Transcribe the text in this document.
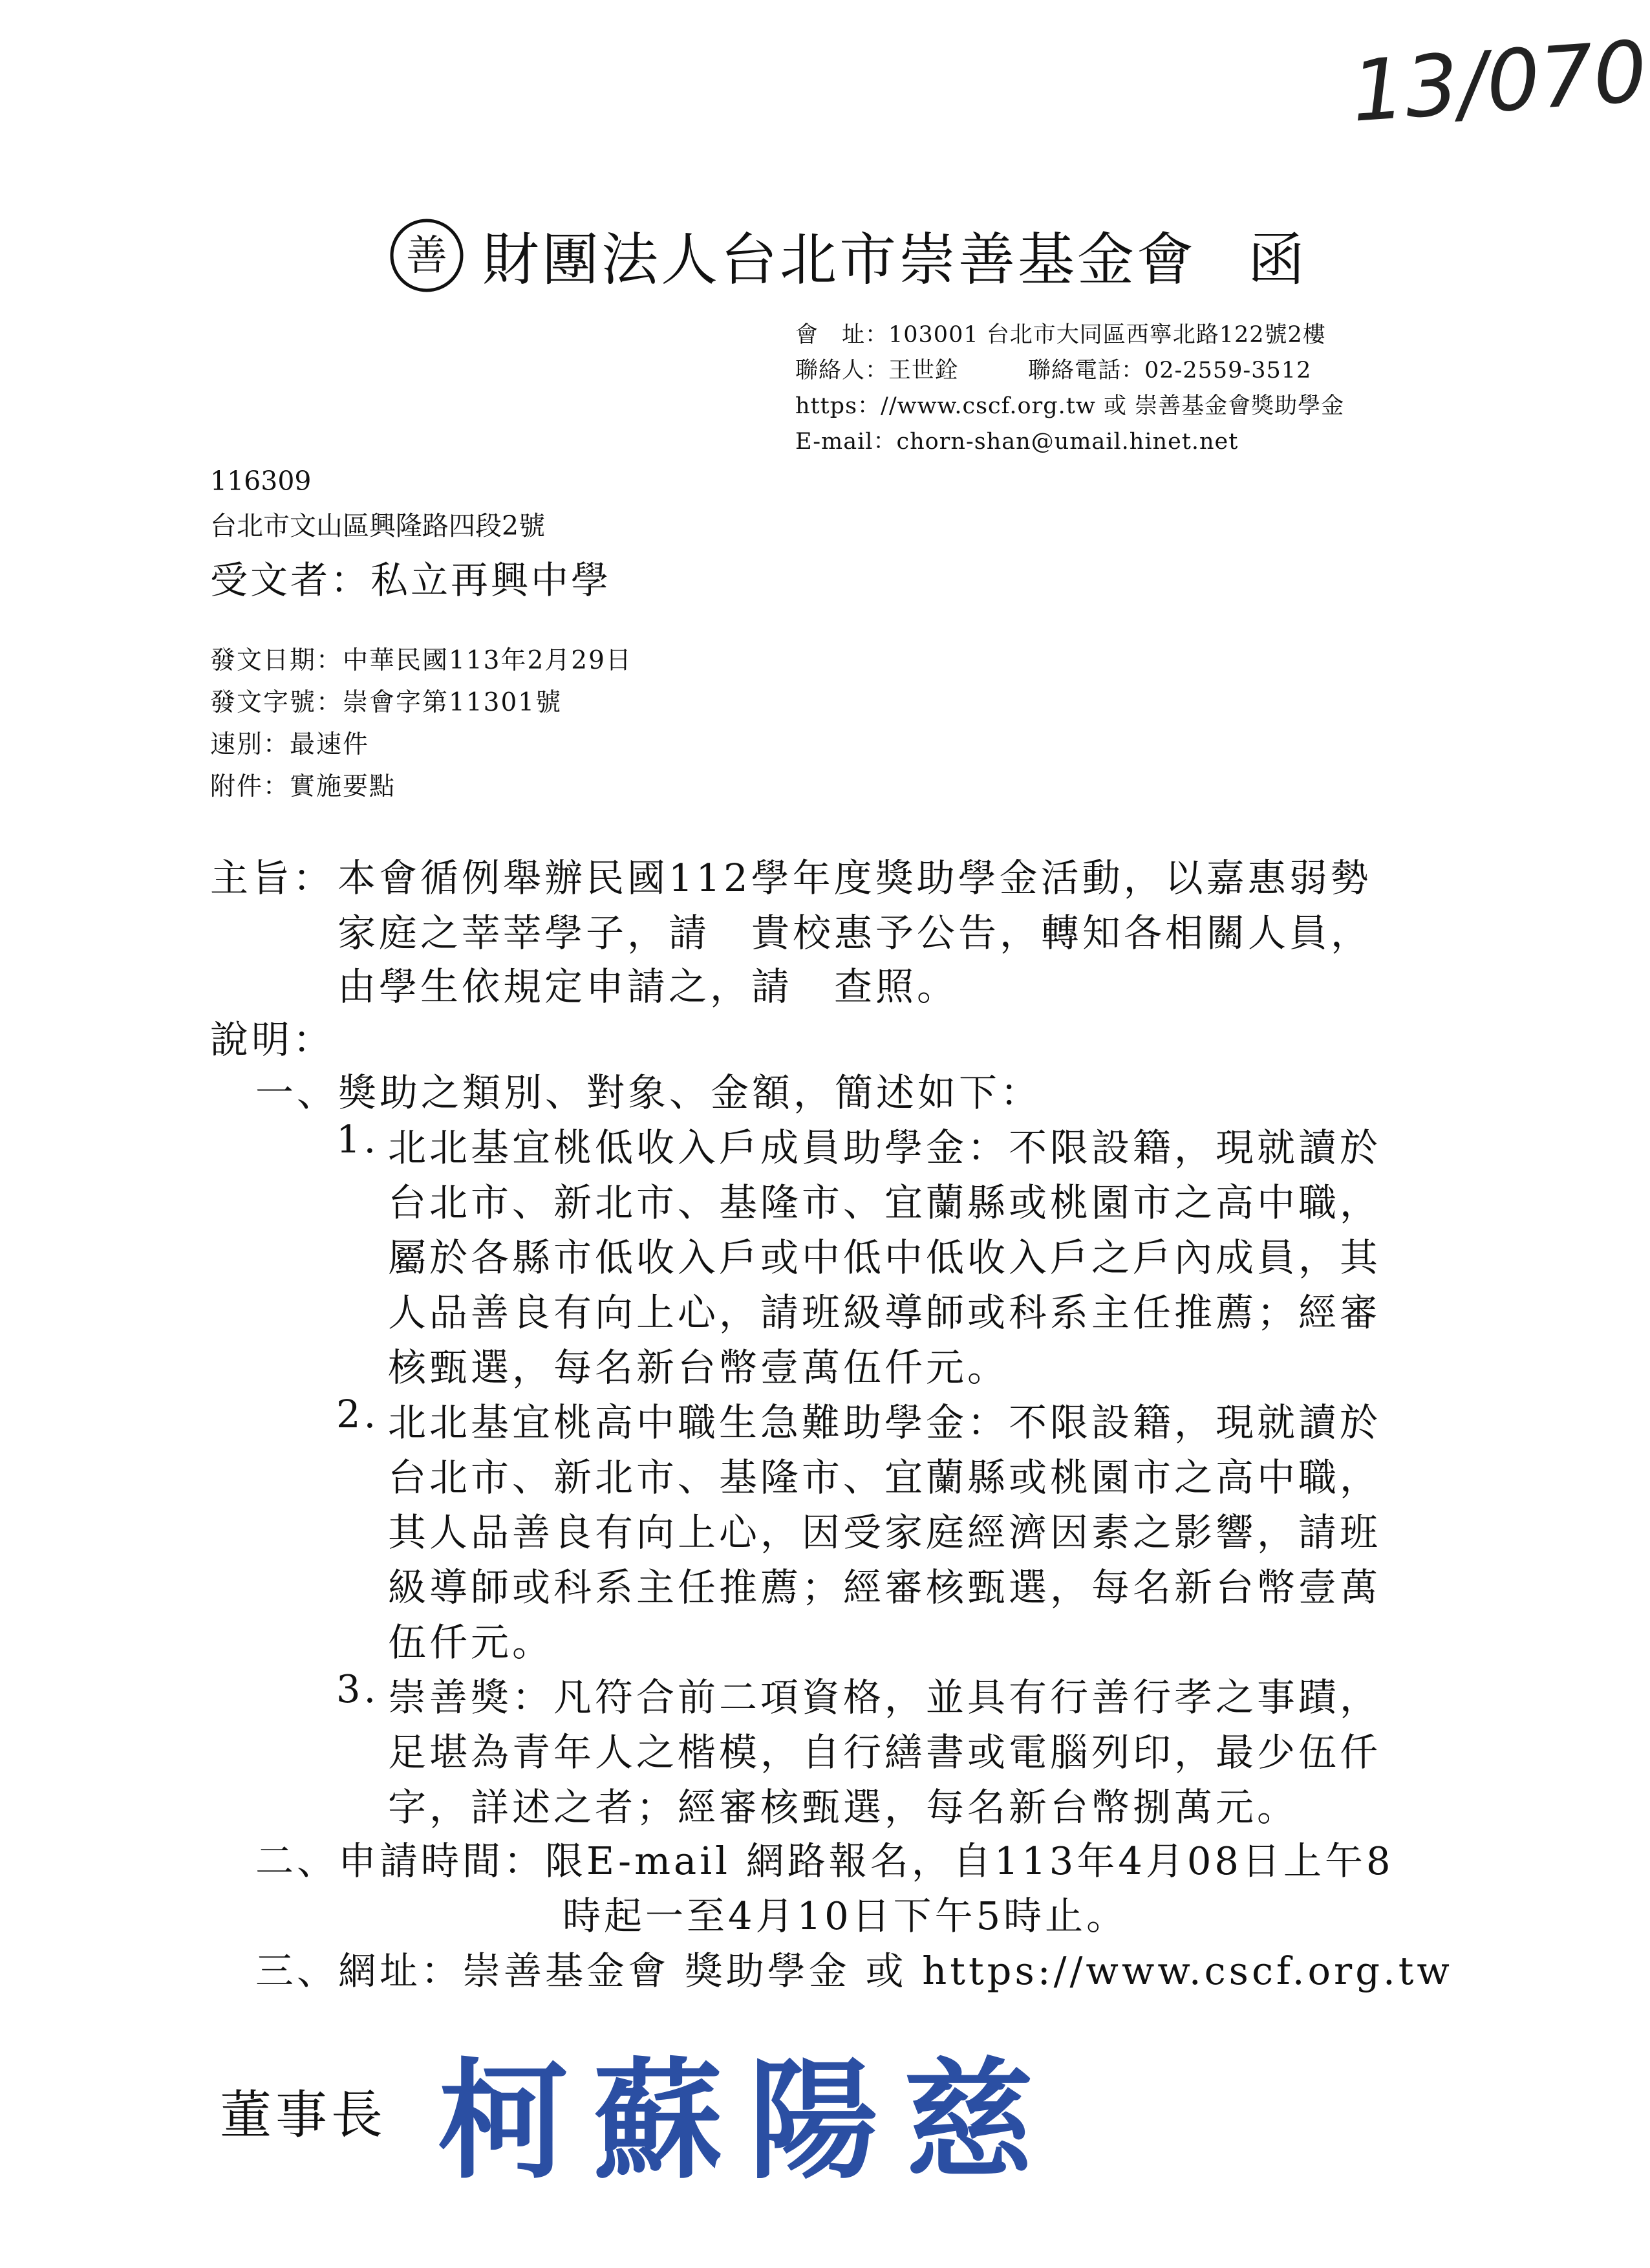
13/070
善 財團法人台北市崇善基金會 函
會　址：103001 台北市大同區西寧北路122號2樓
聯絡人：王世銓　　　聯絡電話：02-2559-3512
https：//www.cscf.org.tw 或 崇善基金會獎助學金
E-mail：chorn-shan@umail.hinet.net
116309
台北市文山區興隆路四段2號
受文者：私立再興中學
發文日期：中華民國113年2月29日
發文字號：崇會字第11301號
速別：最速件
附件：實施要點
主旨： 本會循例舉辦民國112學年度獎助學金活動，以嘉惠弱勢
家庭之莘莘學子，請　貴校惠予公告，轉知各相關人員，
由學生依規定申請之，請　查照。
說明：
一、獎助之類別、對象、金額，簡述如下：
1. 北北基宜桃低收入戶成員助學金：不限設籍，現就讀於
台北市、新北市、基隆市、宜蘭縣或桃園市之高中職，
屬於各縣市低收入戶或中低中低收入戶之戶內成員，其
人品善良有向上心，請班級導師或科系主任推薦；經審
核甄選，每名新台幣壹萬伍仟元。
2. 北北基宜桃高中職生急難助學金：不限設籍，現就讀於
台北市、新北市、基隆市、宜蘭縣或桃園市之高中職，
其人品善良有向上心，因受家庭經濟因素之影響，請班
級導師或科系主任推薦；經審核甄選，每名新台幣壹萬
伍仟元。
3. 崇善獎：凡符合前二項資格，並具有行善行孝之事蹟，
足堪為青年人之楷模，自行繕書或電腦列印，最少伍仟
字，詳述之者；經審核甄選，每名新台幣捌萬元。
二、申請時間：限E-mail 網路報名，自113年4月08日上午8
時起一至4月10日下午5時止。
三、網址：崇善基金會 獎助學金 或 https://www.cscf.org.tw
董事長 柯蘇陽慈
